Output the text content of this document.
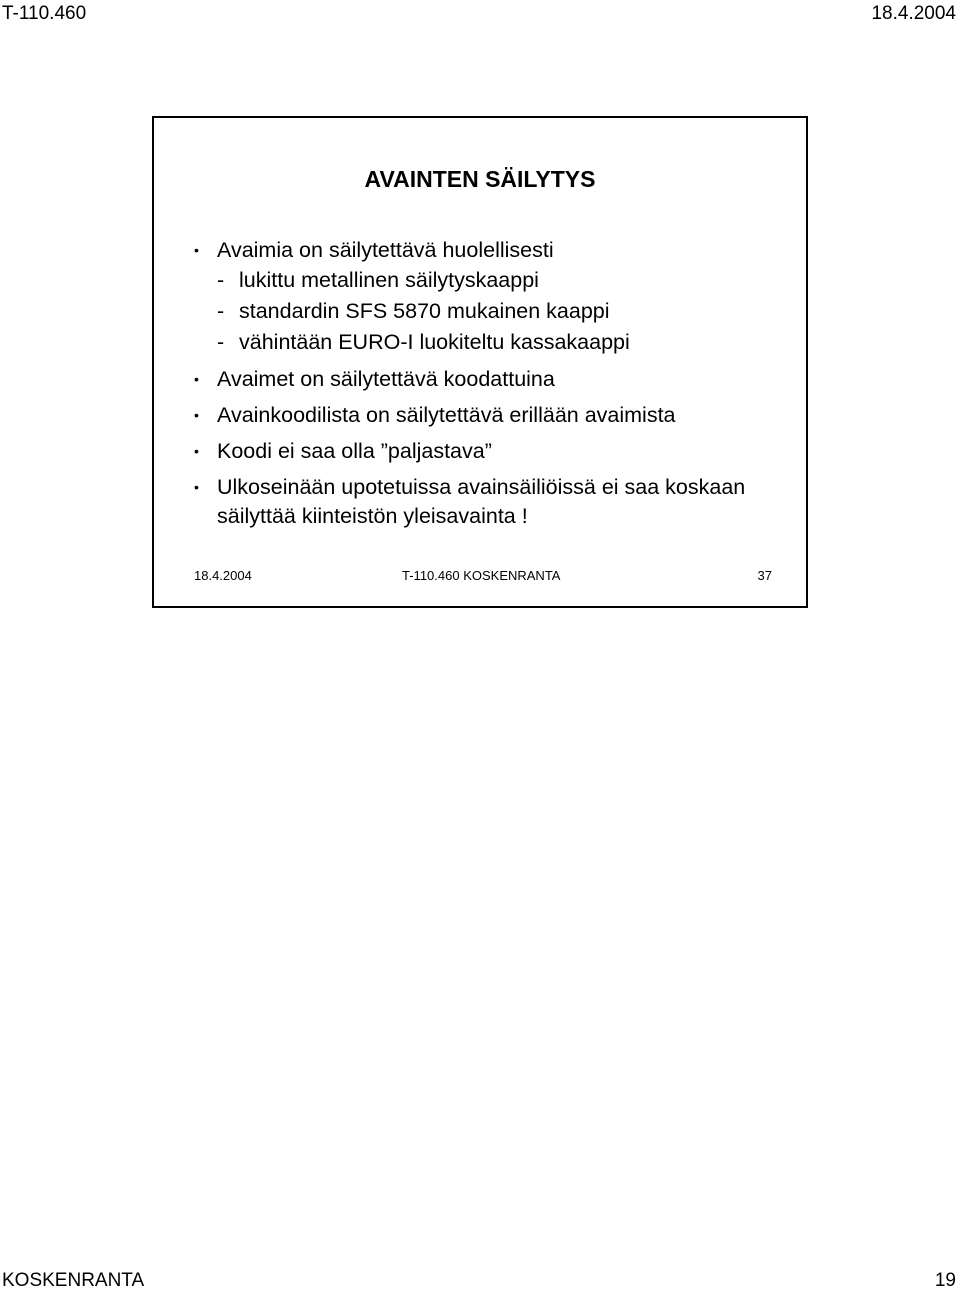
T-110.460	18.4.2004
AVAINTEN SÄILYTYS
• Avaimia on säilytettävä huolellisesti
- lukittu metallinen säilytyskaappi
- standardin SFS 5870 mukainen kaappi
- vähintään EURO-I luokiteltu kassakaappi
• Avaimet on säilytettävä koodattuina
• Avainkoodilista on säilytettävä erillään avaimista
• Koodi ei saa olla ”paljastava”
• Ulkoseinään upotetuissa avainsäiliöissä ei saa koskaan säilyttää kiinteistön yleisavainta !
18.4.2004	T-110.460 KOSKENRANTA	37
KOSKENRANTA	19
